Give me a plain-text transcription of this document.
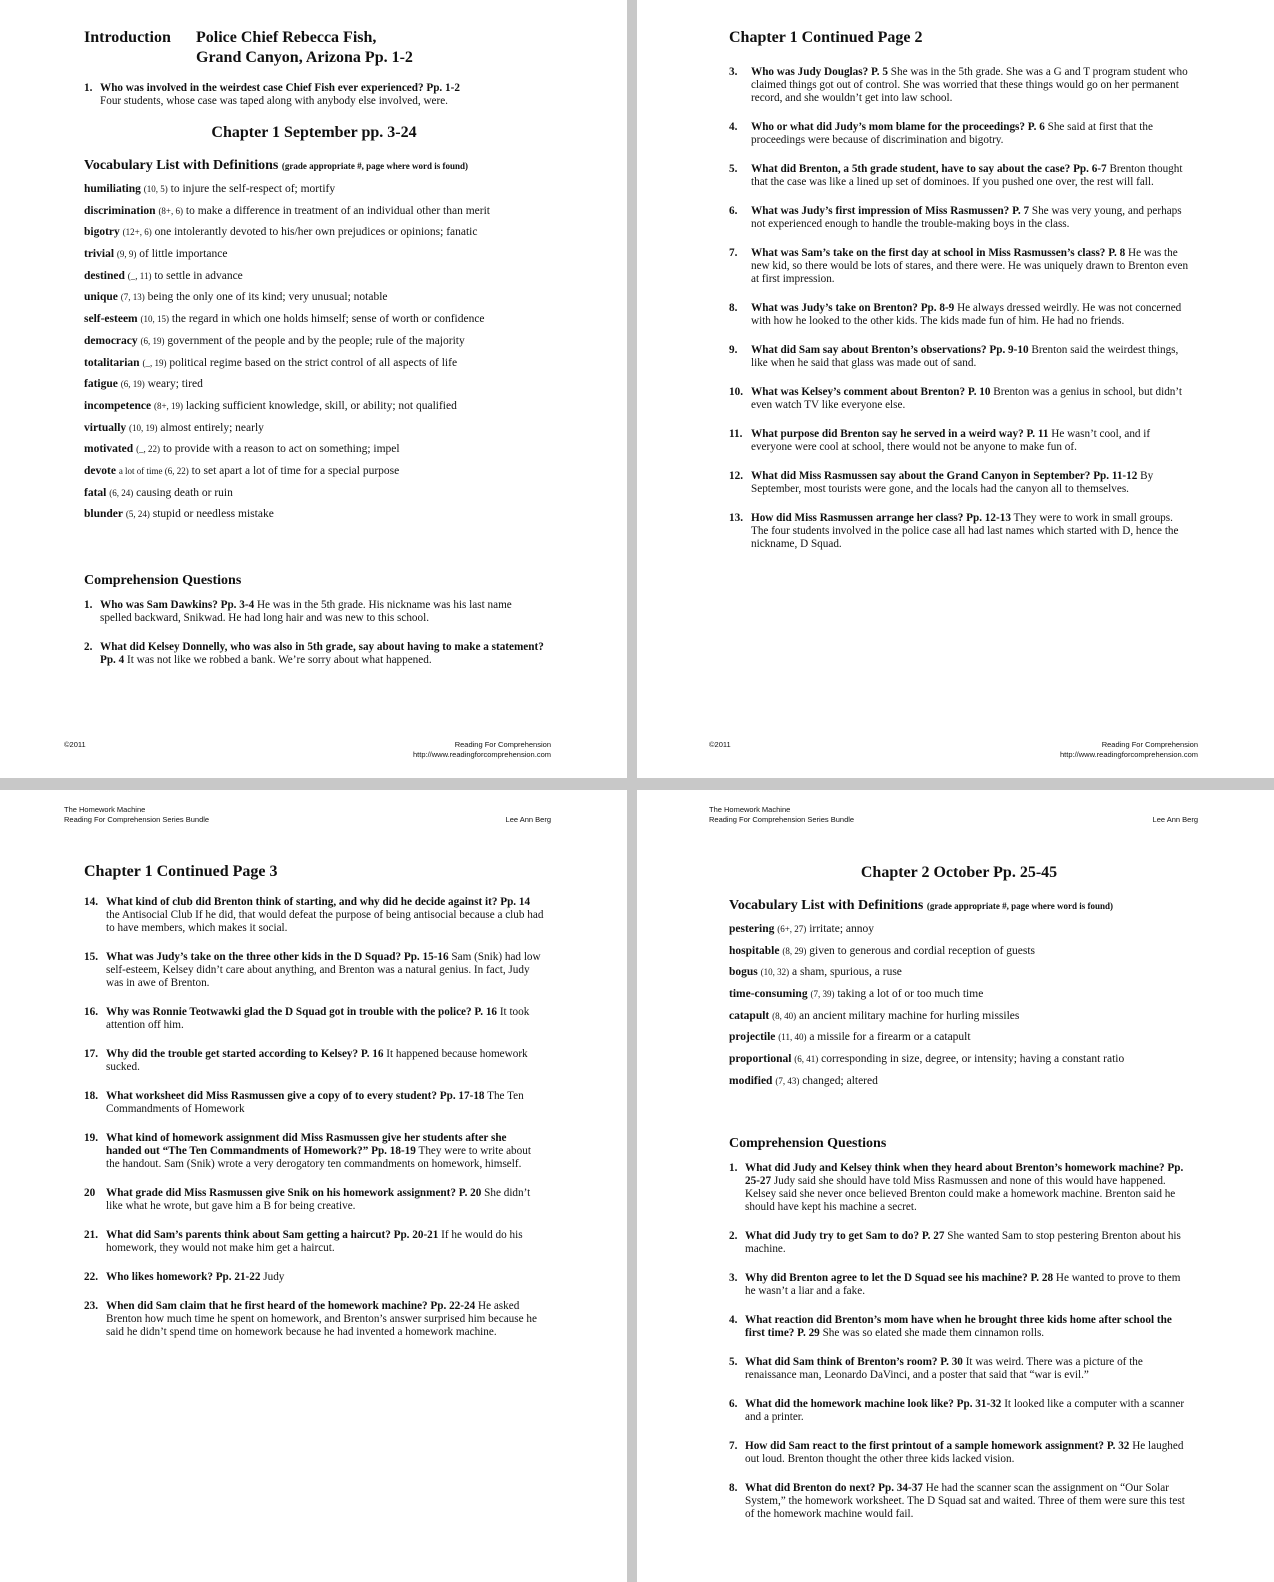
Introduction	Police Chief Rebecca Fish,
Grand Canyon, Arizona Pp. 1-2
1. Who was involved in the weirdest case Chief Fish ever experienced? Pp. 1-2
Four students, whose case was taped along with anybody else involved, were.
Chapter 1 September pp. 3-24
Vocabulary List with Definitions (grade appropriate #, page where word is found)
humiliating (10, 5) to injure the self-respect of; mortify
discrimination (8+, 6) to make a difference in treatment of an individual other than merit
bigotry (12+, 6) one intolerantly devoted to his/her own prejudices or opinions; fanatic
trivial (9, 9) of little importance
destined (_, 11) to settle in advance
unique (7, 13) being the only one of its kind; very unusual; notable
self-esteem (10, 15) the regard in which one holds himself; sense of worth or confidence
democracy (6, 19) government of the people and by the people; rule of the majority
totalitarian (_, 19) political regime based on the strict control of all aspects of life
fatigue (6, 19) weary; tired
incompetence (8+, 19) lacking sufficient knowledge, skill, or ability; not qualified
virtually (10, 19) almost entirely; nearly
motivated (_, 22) to provide with a reason to act on something; impel
devote a lot of time (6, 22) to set apart a lot of time for a special purpose
fatal (6, 24) causing death or ruin
blunder (5, 24) stupid or needless mistake
Comprehension Questions
1. Who was Sam Dawkins? Pp. 3-4 He was in the 5th grade. His nickname was his last name spelled backward, Snikwad. He had long hair and was new to this school.
2. What did Kelsey Donnelly, who was also in 5th grade, say about having to make a statement? Pp. 4 It was not like we robbed a bank. We’re sorry about what happened.
©2011	Reading For Comprehension
http://www.readingforcomprehension.com
Chapter 1 Continued Page 2
3.	Who was Judy Douglas? P. 5 She was in the 5th grade. She was a G and T program student who claimed things got out of control. She was worried that these things would go on her permanent record, and she wouldn’t get into law school.
4.	Who or what did Judy’s mom blame for the proceedings? P. 6 She said at first that the proceedings were because of discrimination and bigotry.
5.	What did Brenton, a 5th grade student, have to say about the case? Pp. 6-7 Brenton thought that the case was like a lined up set of dominoes. If you pushed one over, the rest will fall.
6.	What was Judy’s first impression of Miss Rasmussen? P. 7 She was very young, and perhaps not experienced enough to handle the trouble-making boys in the class.
7.	What was Sam’s take on the first day at school in Miss Rasmussen’s class? P. 8 He was the new kid, so there would be lots of stares, and there were. He was uniquely drawn to Brenton even at first impression.
8.	What was Judy’s take on Brenton? Pp. 8-9 He always dressed weirdly. He was not concerned with how he looked to the other kids. The kids made fun of him. He had no friends.
9.	What did Sam say about Brenton’s observations? Pp. 9-10 Brenton said the weirdest things, like when he said that glass was made out of sand.
10. What was Kelsey’s comment about Brenton? P. 10 Brenton was a genius in school, but didn’t even watch TV like everyone else.
11. What purpose did Brenton say he served in a weird way? P. 11 He wasn’t cool, and if everyone were cool at school, there would not be anyone to make fun of.
12. What did Miss Rasmussen say about the Grand Canyon in September? Pp. 11-12 By September, most tourists were gone, and the locals had the canyon all to themselves.
13. How did Miss Rasmussen arrange her class? Pp. 12-13 They were to work in small groups. The four students involved in the police case all had last names which started with D, hence the nickname, D Squad.
©2011	Reading For Comprehension
http://www.readingforcomprehension.com
The Homework Machine
Reading For Comprehension Series Bundle	Lee Ann Berg
Chapter 1 Continued Page 3
14. What kind of club did Brenton think of starting, and why did he decide against it? Pp. 14 the Antisocial Club If he did, that would defeat the purpose of being antisocial because a club had to have members, which makes it social.
15. What was Judy’s take on the three other kids in the D Squad? Pp. 15-16 Sam (Snik) had low self-esteem, Kelsey didn’t care about anything, and Brenton was a natural genius. In fact, Judy was in awe of Brenton.
16. Why was Ronnie Teotwawki glad the D Squad got in trouble with the police? P. 16 It took attention off him.
17. Why did the trouble get started according to Kelsey? P. 16 It happened because homework sucked.
18. What worksheet did Miss Rasmussen give a copy of to every student? Pp. 17-18 The Ten Commandments of Homework
19. What kind of homework assignment did Miss Rasmussen give her students after she handed out “The Ten Commandments of Homework?” Pp. 18-19 They were to write about the handout. Sam (Snik) wrote a very derogatory ten commandments on homework, himself.
20 What grade did Miss Rasmussen give Snik on his homework assignment? P. 20 She didn’t like what he wrote, but gave him a B for being creative.
21. What did Sam’s parents think about Sam getting a haircut? Pp. 20-21 If he would do his homework, they would not make him get a haircut.
22. Who likes homework? Pp. 21-22 Judy
23. When did Sam claim that he first heard of the homework machine? Pp. 22-24 He asked Brenton how much time he spent on homework, and Brenton’s answer surprised him because he said he didn’t spend time on homework because he had invented a homework machine.
The Homework Machine
Reading For Comprehension Series Bundle	Lee Ann Berg
Chapter 2 October Pp. 25-45
Vocabulary List with Definitions (grade appropriate #, page where word is found)
pestering (6+, 27) irritate; annoy
hospitable (8, 29) given to generous and cordial reception of guests
bogus (10, 32) a sham, spurious, a ruse
time-consuming (7, 39) taking a lot of or too much time
catapult (8, 40) an ancient military machine for hurling missiles
projectile (11, 40) a missile for a firearm or a catapult
proportional (6, 41) corresponding in size, degree, or intensity; having a constant ratio
modified (7, 43) changed; altered
Comprehension Questions
1. What did Judy and Kelsey think when they heard about Brenton’s homework machine? Pp. 25-27 Judy said she should have told Miss Rasmussen and none of this would have happened. Kelsey said she never once believed Brenton could make a homework machine. Brenton said he should have kept his machine a secret.
2. What did Judy try to get Sam to do? P. 27 She wanted Sam to stop pestering Brenton about his machine.
3. Why did Brenton agree to let the D Squad see his machine? P. 28 He wanted to prove to them he wasn’t a liar and a fake.
4. What reaction did Brenton’s mom have when he brought three kids home after school the first time? P. 29 She was so elated she made them cinnamon rolls.
5. What did Sam think of Brenton’s room? P. 30 It was weird. There was a picture of the renaissance man, Leonardo DaVinci, and a poster that said that “war is evil.”
6. What did the homework machine look like? Pp. 31-32 It looked like a computer with a scanner and a printer.
7. How did Sam react to the first printout of a sample homework assignment? P. 32 He laughed out loud. Brenton thought the other three kids lacked vision.
8. What did Brenton do next? Pp. 34-37 He had the scanner scan the assignment on “Our Solar System,” the homework worksheet. The D Squad sat and waited. Three of them were sure this test of the homework machine would fail.
